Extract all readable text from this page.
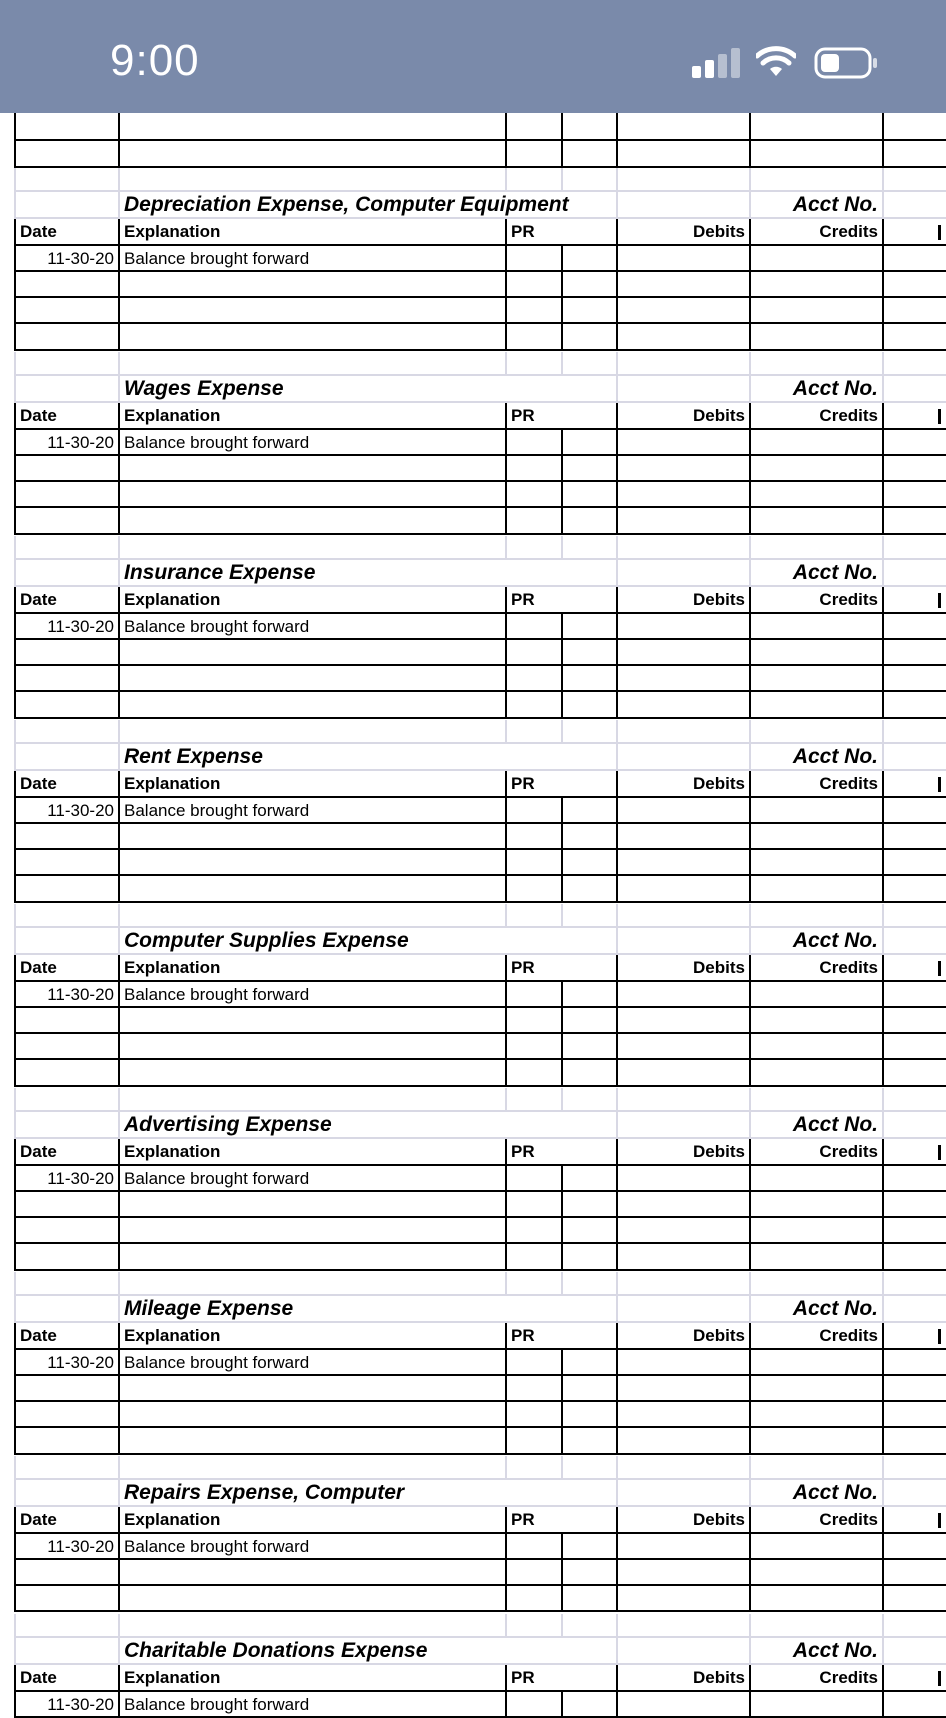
9:00
Depreciation Expense, Computer Equipment	Acct No.
Date	Explanation	PR	Debits	Credits
11-30-20 Balance brought forward
Wages Expense	Acct No.
Date	Explanation	PR	Debits	Credits
11-30-20 Balance brought forward
Insurance Expense	Acct No.
Date	Explanation	PR	Debits	Credits
11-30-20 Balance brought forward
Rent Expense	Acct No.
Date	Explanation	PR	Debits	Credits
11-30-20 Balance brought forward
Computer Supplies Expense	Acct No.
Date	Explanation	PR	Debits	Credits
11-30-20 Balance brought forward
Advertising Expense	Acct No.
Date	Explanation	PR	Debits	Credits
11-30-20 Balance brought forward
Mileage Expense	Acct No.
Date	Explanation	PR	Debits	Credits
11-30-20 Balance brought forward
Repairs Expense, Computer	Acct No.
Date	Explanation	PR	Debits	Credits
11-30-20 Balance brought forward
Charitable Donations Expense	Acct No.
Date	Explanation	PR	Debits	Credits
11-30-20 Balance brought forward
